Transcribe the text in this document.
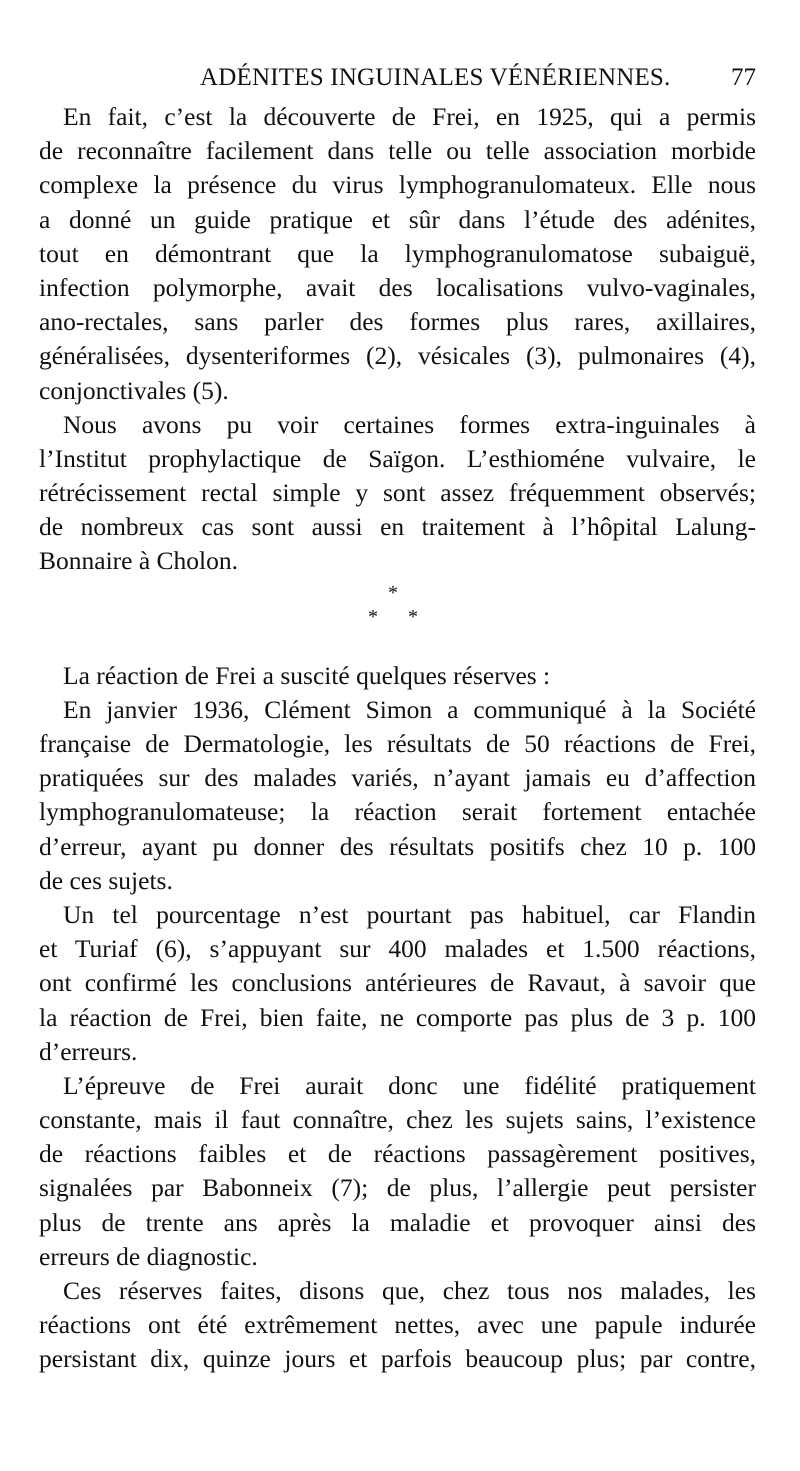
ADÉNITES INGUINALES VÉNÉRIENNES. 77
En fait, c’est la découverte de Frei, en 1925, qui a permis
de reconnaître facilement dans telle ou telle association morbide
complexe la présence du virus lymphogranulomateux. Elle nous
a donné un guide pratique et sûr dans l’étude des adénites,
tout en démontrant que la lymphogranulomatose subaiguë,
infection polymorphe, avait des localisations vulvo-vaginales,
ano-rectales, sans parler des formes plus rares, axillaires,
généralisées, dysenteriformes (2), vésicales (3), pulmonaires (4),
conjonctivales (5).
Nous avons pu voir certaines formes extra-inguinales à
l’Institut prophylactique de Saïgon. L’esthioméne vulvaire, le
rétrécissement rectal simple y sont assez fréquemment observés;
de nombreux cas sont aussi en traitement à l’hôpital Lalung-
Bonnaire à Cholon.
*
* *
La réaction de Frei a suscité quelques réserves :
En janvier 1936, Clément Simon a communiqué à la Société
française de Dermatologie, les résultats de 50 réactions de Frei,
pratiquées sur des malades variés, n’ayant jamais eu d’affection
lymphogranulomateuse; la réaction serait fortement entachée
d’erreur, ayant pu donner des résultats positifs chez 10 p. 100
de ces sujets.
Un tel pourcentage n’est pourtant pas habituel, car Flandin
et Turiaf (6), s’appuyant sur 400 malades et 1.500 réactions,
ont confirmé les conclusions antérieures de Ravaut, à savoir que
la réaction de Frei, bien faite, ne comporte pas plus de 3 p. 100
d’erreurs.
L’épreuve de Frei aurait donc une fidélité pratiquement
constante, mais il faut connaître, chez les sujets sains, l’existence
de réactions faibles et de réactions passagèrement positives,
signalées par Babonneix (7); de plus, l’allergie peut persister
plus de trente ans après la maladie et provoquer ainsi des
erreurs de diagnostic.
Ces réserves faites, disons que, chez tous nos malades, les
réactions ont été extrêmement nettes, avec une papule indurée
persistant dix, quinze jours et parfois beaucoup plus; par contre,
